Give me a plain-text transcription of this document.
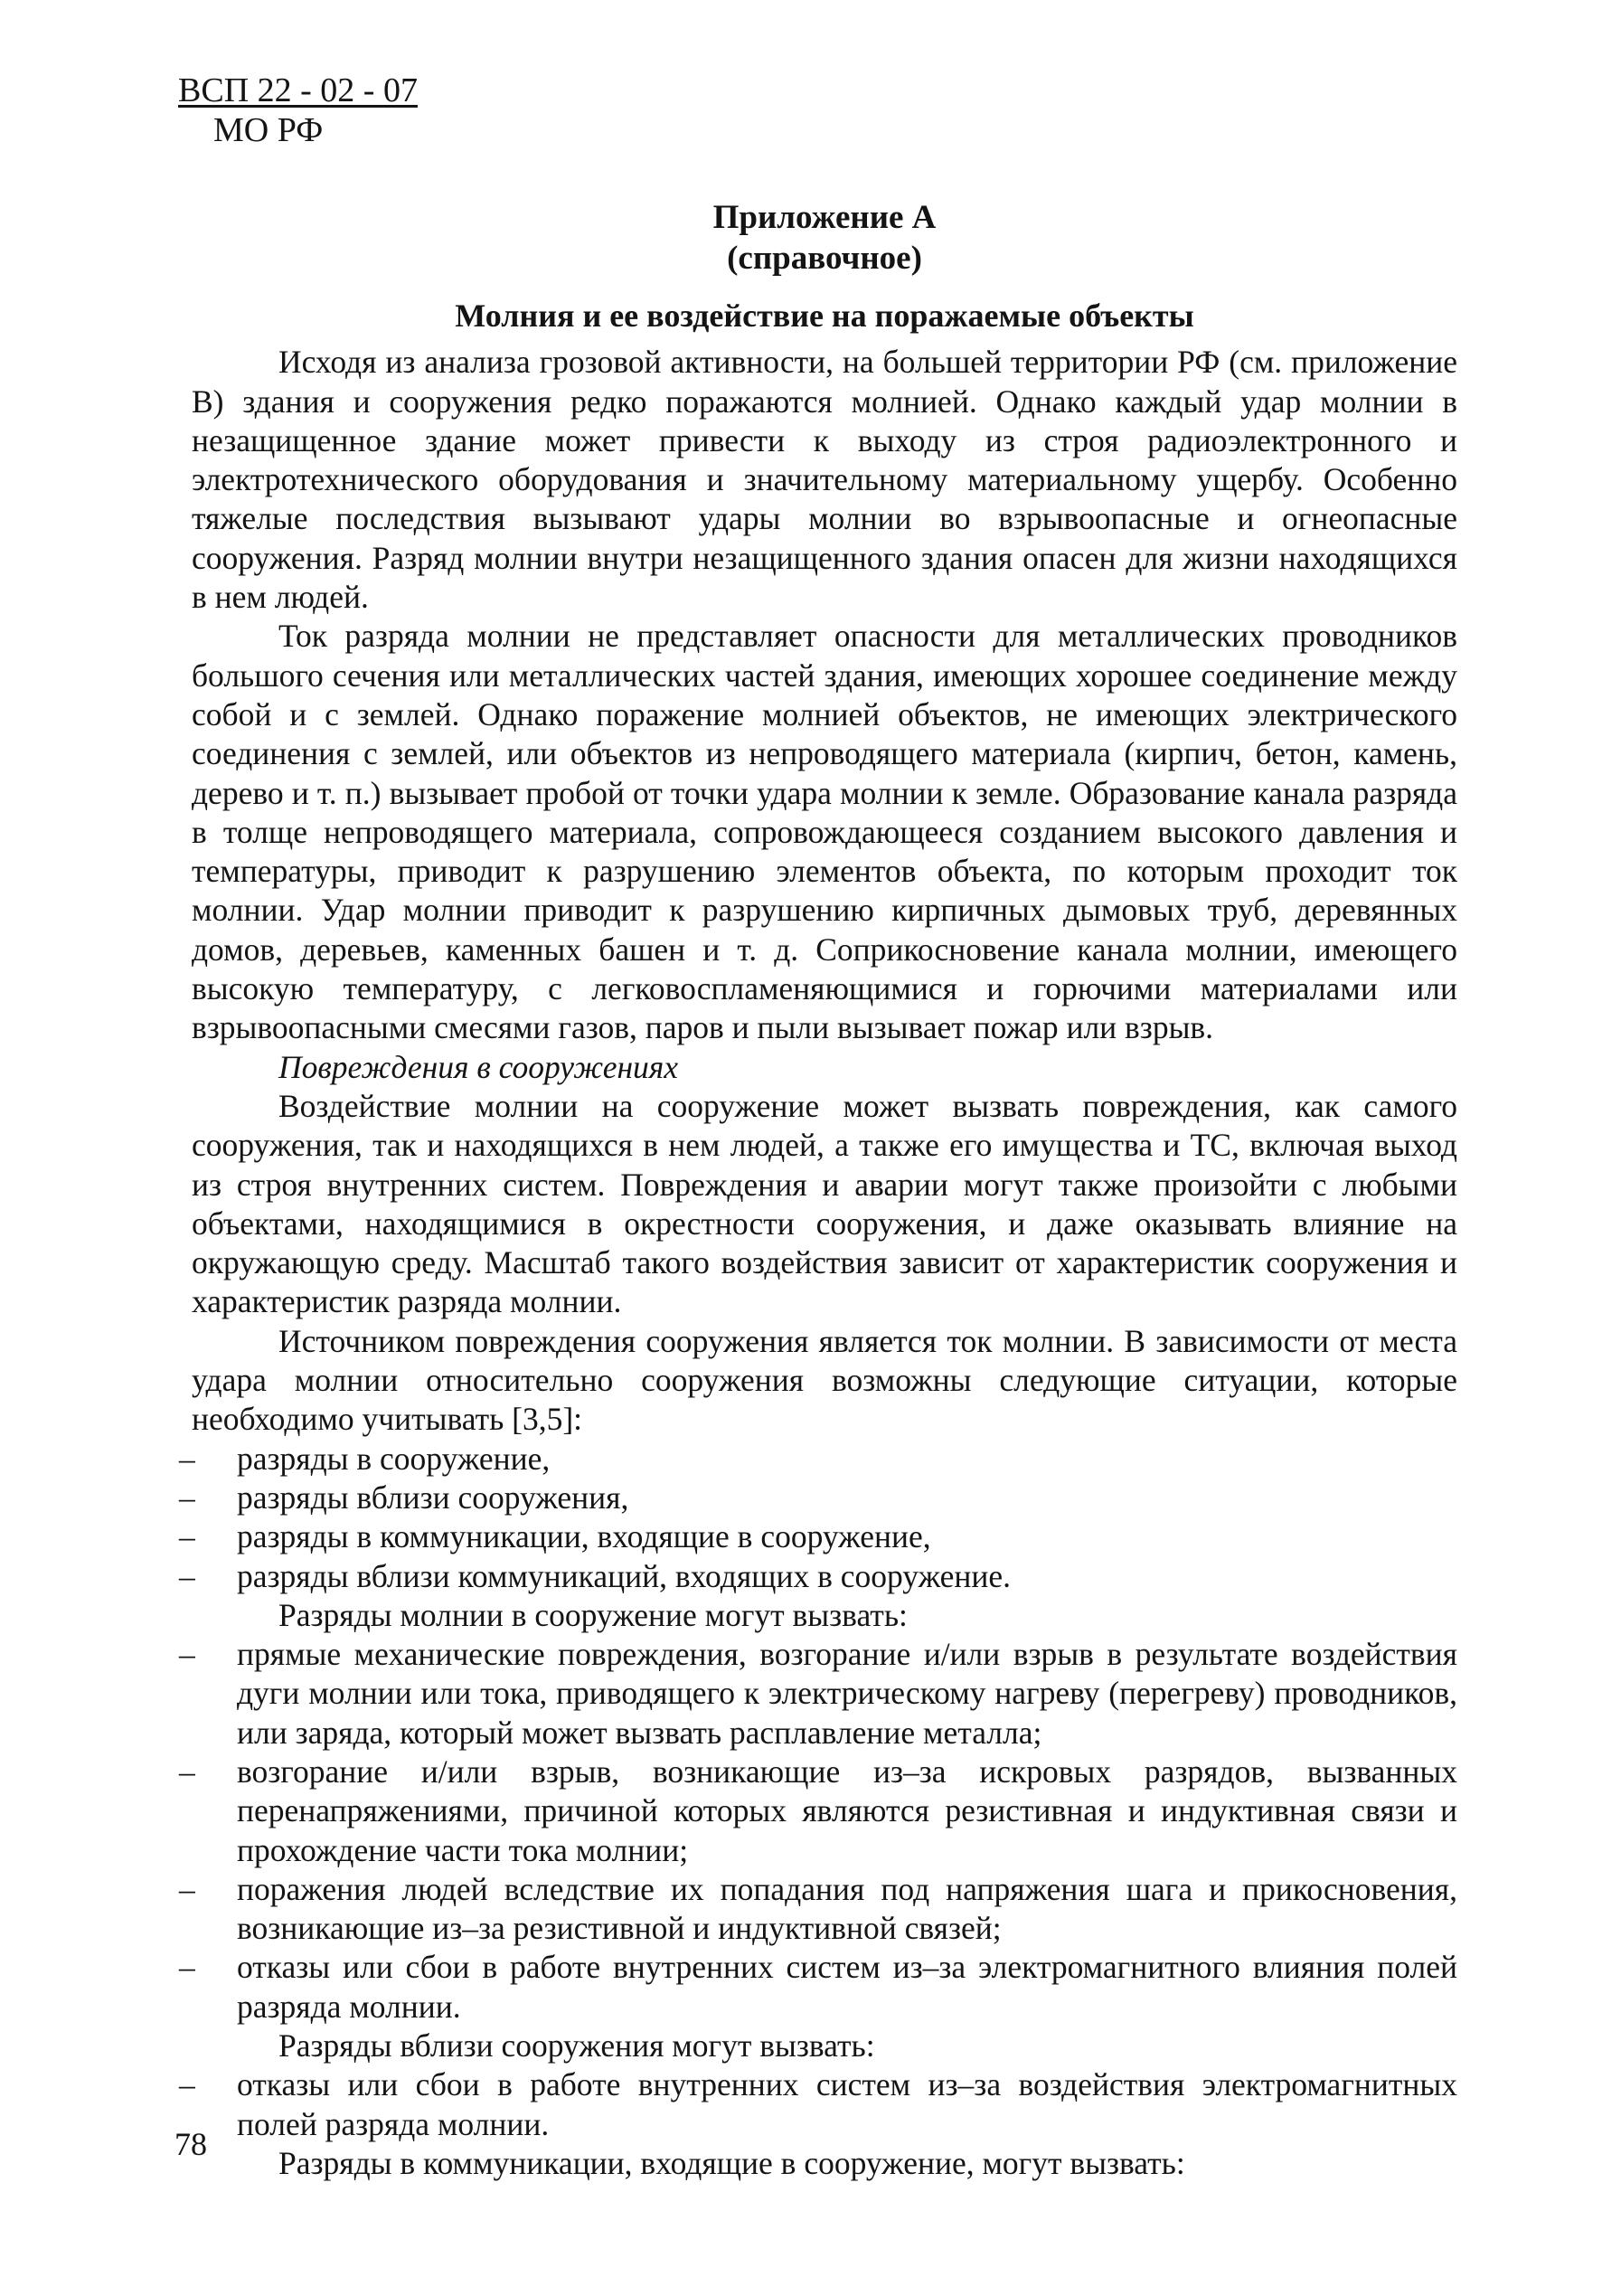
ВСП 22 - 02 - 07
МО РФ
Приложение А
(справочное)
Молния и ее воздействие на поражаемые объекты

Исходя из анализа грозовой активности, на большей территории РФ (см. приложение В) здания и сооружения редко поражаются молнией. Однако каждый удар молнии в незащищенное здание может привести к выходу из строя радиоэлектронного и электротехнического оборудования и значительному материальному ущербу. Особенно тяжелые последствия вызывают удары молнии во взрывоопасные и огнеопасные сооружения. Разряд молнии внутри незащищенного здания опасен для жизни находящихся в нем людей.

Ток разряда молнии не представляет опасности для металлических проводников большого сечения или металлических частей здания, имеющих хорошее соединение между собой и с землей. Однако поражение молнией объектов, не имеющих электрического соединения с землей, или объектов из непроводящего материала (кирпич, бетон, камень, дерево и т. п.) вызывает пробой от точки удара молнии к земле. Образование канала разряда в толще непроводящего материала, сопровождающееся созданием высокого давления и температуры, приводит к разрушению элементов объекта, по которым проходит ток молнии. Удар молнии приводит к разрушению кирпичных дымовых труб, деревянных домов, деревьев, каменных башен и т. д. Соприкосновение канала молнии, имеющего высокую температуру, с легковоспламеняющимися и горючими материалами или взрывоопасными смесями газов, паров и пыли вызывает пожар или взрыв.

Повреждения в сооружениях

Воздействие молнии на сооружение может вызвать повреждения, как самого сооружения, так и находящихся в нем людей, а также его имущества и ТС, включая выход из строя внутренних систем. Повреждения и аварии могут также произойти с любыми объектами, находящимися в окрестности сооружения, и даже оказывать влияние на окружающую среду. Масштаб такого воздействия зависит от характеристик сооружения и характеристик разряда молнии.

Источником повреждения сооружения является ток молнии. В зависимости от места удара молнии относительно сооружения возможны следующие ситуации, которые необходимо учитывать [3,5]:

– разряды в сооружение,
– разряды вблизи сооружения,
– разряды в коммуникации, входящие в сооружение,
– разряды вблизи коммуникаций, входящих в сооружение.

Разряды молнии в сооружение могут вызвать:

– прямые механические повреждения, возгорание и/или взрыв в результате воздействия дуги молнии или тока, приводящего к электрическому нагреву (перегреву) проводников, или заряда, который может вызвать расплавление металла;
– возгорание и/или взрыв, возникающие из–за искровых разрядов, вызванных перенапряжениями, причиной которых являются резистивная и индуктивная связи и прохождение части тока молнии;
– поражения людей вследствие их попадания под напряжения шага и прикосновения, возникающие из–за резистивной и индуктивной связей;
– отказы или сбои в работе внутренних систем из–за электромагнитного влияния полей разряда молнии.

Разряды вблизи сооружения могут вызвать:

– отказы или сбои в работе внутренних систем из–за воздействия электромагнитных полей разряда молнии.

Разряды в коммуникации, входящие в сооружение, могут вызвать:

78
